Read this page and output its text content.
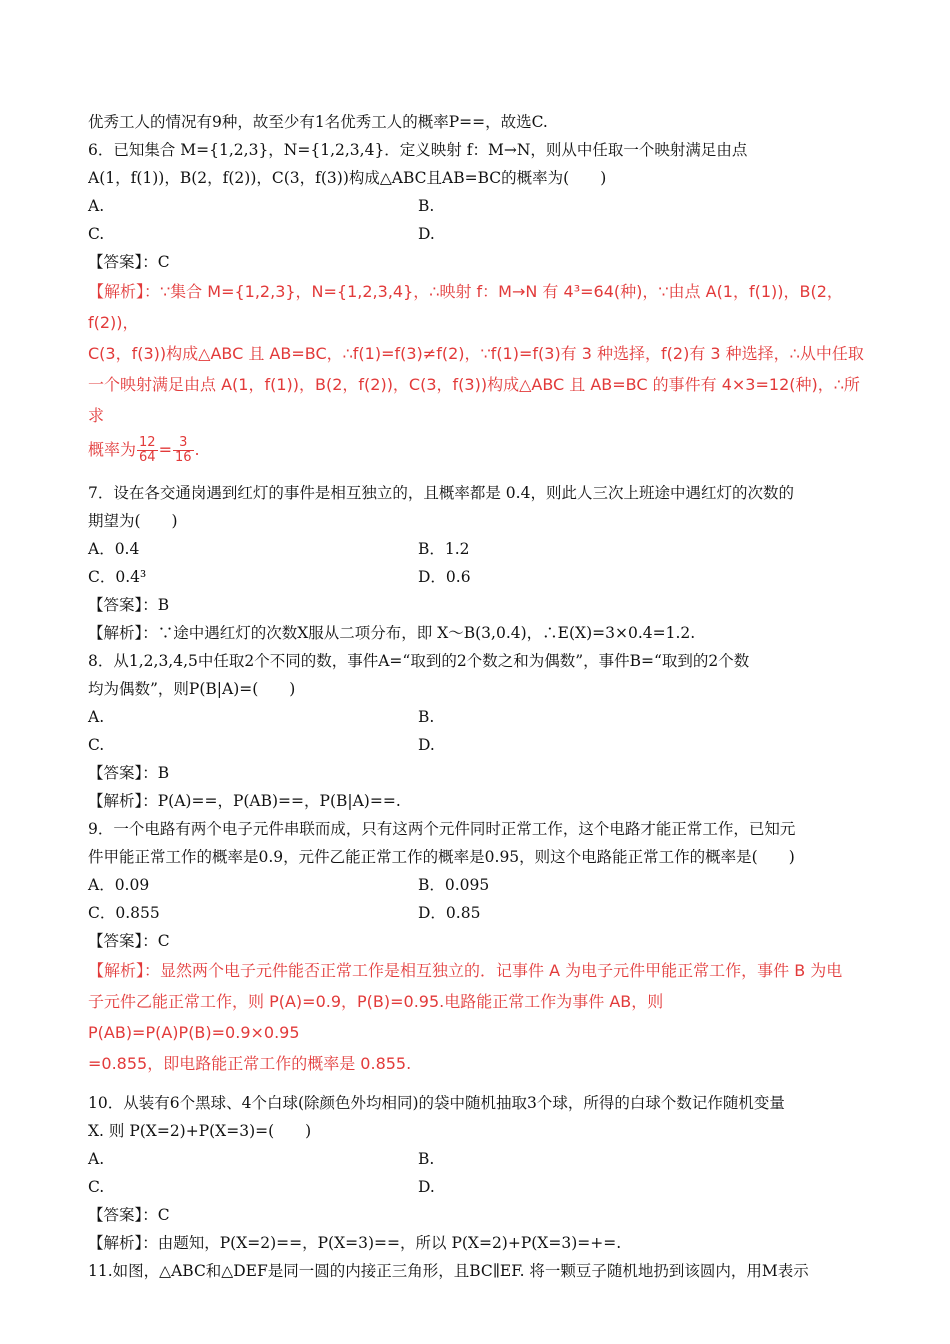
优秀工人的情况有9种，故至少有1名优秀工人的概率P==，故选C.
6．已知集合 M={1,2,3}，N={1,2,3,4}．定义映射 f：M→N，则从中任取一个映射满足由点
A(1，f(1))，B(2，f(2))，C(3，f(3))构成△ABC且AB=BC的概率为(　　)
A.	B.
C.	D.
【答案】：C
【解析】：∵集合 M={1,2,3}，N={1,2,3,4}，∴映射 f：M→N 有 4³=64(种)，∵由点 A(1，f(1))，B(2，f(2))，
C(3，f(3))构成△ABC 且 AB=BC，∴f(1)=f(3)≠f(2)，∵f(1)=f(3)有 3 种选择，f(2)有 3 种选择，∴从中任取
一个映射满足由点 A(1，f(1))，B(2，f(2))，C(3，f(3))构成△ABC 且 AB=BC 的事件有 4×3=12(种)，∴所求
概率为 $\frac{12}{64} = \frac{3}{16}$ .
7．设在各交通岗遇到红灯的事件是相互独立的，且概率都是 0.4，则此人三次上班途中遇红灯的次数的
期望为(　　)
A．0.4	B．1.2
C．0.4³	D．0.6
【答案】：B
【解析】：∵途中遇红灯的次数X服从二项分布，即 X～B(3,0.4)，∴E(X)=3×0.4=1.2.
8．从1,2,3,4,5中任取2个不同的数，事件A=“取到的2个数之和为偶数”，事件B=“取到的2个数
均为偶数”，则P(B|A)=(　　)
A.	B.
C.	D.
【答案】：B
【解析】：P(A)==，P(AB)==，P(B|A)==.
9．一个电路有两个电子元件串联而成，只有这两个元件同时正常工作，这个电路才能正常工作，已知元
件甲能正常工作的概率是0.9，元件乙能正常工作的概率是0.95，则这个电路能正常工作的概率是(　　)
A．0.09	B．0.095
C．0.855	D．0.85
【答案】：C
【解析】：显然两个电子元件能否正常工作是相互独立的．记事件 A 为电子元件甲能正常工作，事件 B 为电
子元件乙能正常工作，则 P(A)=0.9，P(B)=0.95.电路能正常工作为事件 AB，则 P(AB)=P(A)P(B)=0.9×0.95
=0.855，即电路能正常工作的概率是 0.855.
10．从装有6个黑球、4个白球(除颜色外均相同)的袋中随机抽取3个球，所得的白球个数记作随机变量
X. 则 P(X=2)+P(X=3)=(　　)
A.	B.
C.	D.
【答案】：C
【解析】：由题知，P(X=2)==，P(X=3)==，所以 P(X=2)+P(X=3)=+=.
11.如图，△ABC和△DEF是同一圆的内接正三角形，且BC∥EF. 将一颗豆子随机地扔到该圆内，用M表示
